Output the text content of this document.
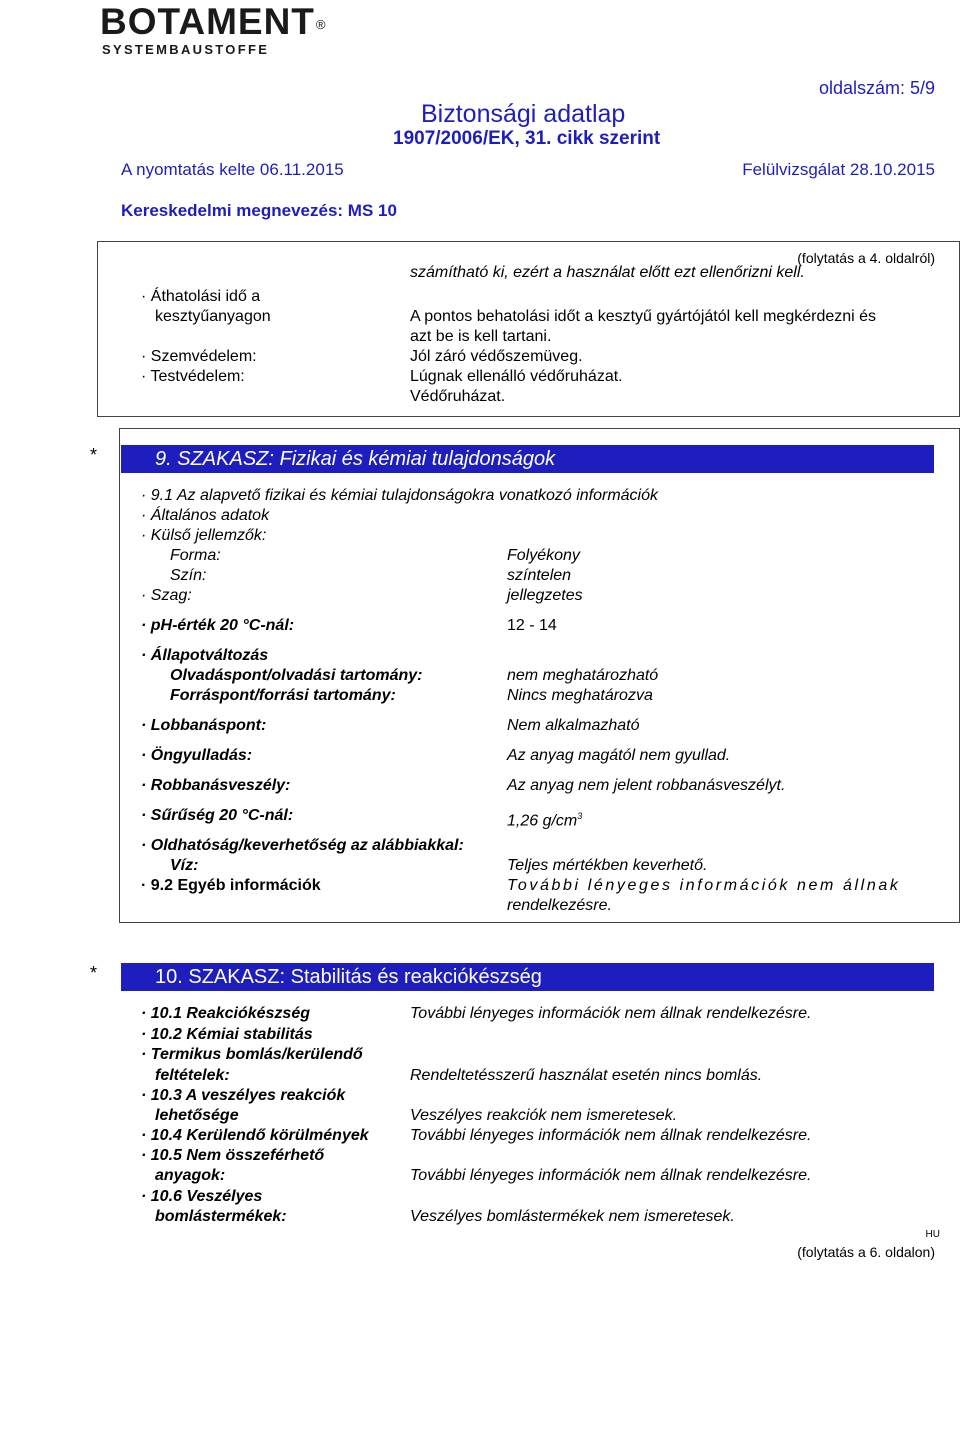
BOTAMENT®
SYSTEMBAUSTOFFE
oldalszám: 5/9
Biztonsági adatlap
1907/2006/EK, 31. cikk szerint
A nyomtatás kelte 06.11.2015	Felülvizsgálat 28.10.2015
Kereskedelmi megnevezés: MS 10
(folytatás a 4. oldalról)
számítható ki, ezért a használat előtt ezt ellenőrizni kell.
· Áthatolási idő a
kesztyűanyagon	A pontos behatolási időt a kesztyű gyártójától kell megkérdezni és
azt be is kell tartani.
· Szemvédelem:	Jól záró védőszemüveg.
· Testvédelem:	Lúgnak ellenálló védőruházat.
Védőruházat.
*	9. SZAKASZ: Fizikai és kémiai tulajdonságok
· 9.1 Az alapvető fizikai és kémiai tulajdonságokra vonatkozó információk
· Általános adatok
· Külső jellemzők:
Forma:	Folyékony
Szín:	színtelen
· Szag:	jellegzetes
· pH-érték 20 °C-nál:	12 - 14
· Állapotváltozás
Olvadáspont/olvadási tartomány:	nem meghatározható
Forráspont/forrási tartomány:	Nincs meghatározva
· Lobbanáspont:	Nem alkalmazható
· Öngyulladás:	Az anyag magától nem gyullad.
· Robbanásveszély:	Az anyag nem jelent robbanásveszélyt.
· Sűrűség 20 °C-nál:	1,26 $g/cm^3$
· Oldhatóság/keverhetőség az alábbiakkal:
Víz:	Teljes mértékben keverhető.
· 9.2 Egyéb információk	További lényeges információk nem állnak
rendelkezésre.
*	10. SZAKASZ: Stabilitás és reakciókészség
· 10.1 Reakciókészség	További lényeges információk nem állnak rendelkezésre.
· 10.2 Kémiai stabilitás
· Termikus bomlás/kerülendő
feltételek:	Rendeltetésszerű használat esetén nincs bomlás.
· 10.3 A veszélyes reakciók
lehetősége	Veszélyes reakciók nem ismeretesek.
· 10.4 Kerülendő körülmények	További lényeges információk nem állnak rendelkezésre.
· 10.5 Nem összeférhető
anyagok:	További lényeges információk nem állnak rendelkezésre.
· 10.6 Veszélyes
bomlástermékek:	Veszélyes bomlástermékek nem ismeretesek.
HU
(folytatás a 6. oldalon)
